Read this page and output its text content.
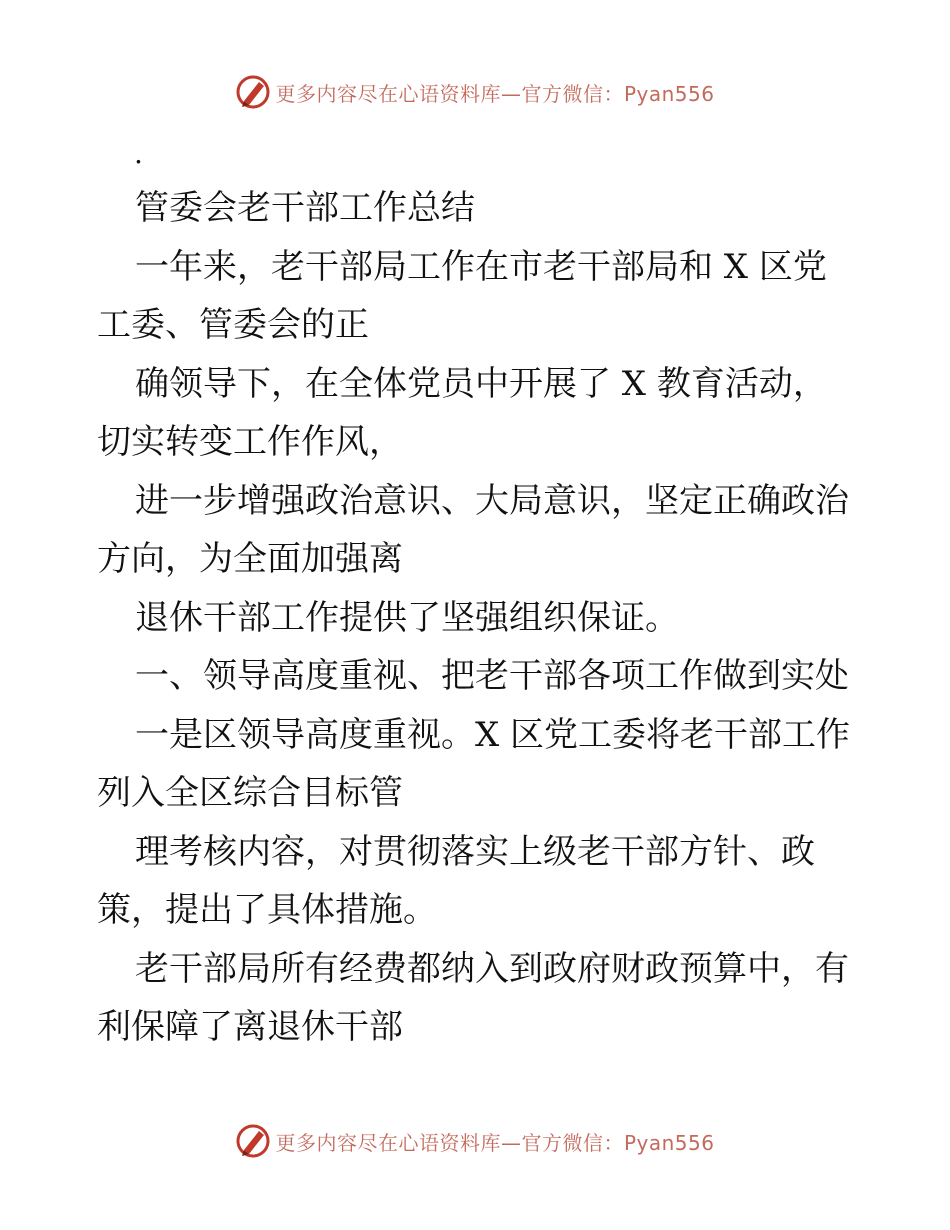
更多内容尽在心语资料库—官方微信：Pyan556
.
管委会老干部工作总结
一年来，老干部局工作在市老干部局和 X 区党
工委、管委会的正
确领导下，在全体党员中开展了 X 教育活动，
切实转变工作作风，
进一步增强政治意识、大局意识，坚定正确政治
方向，为全面加强离
退休干部工作提供了坚强组织保证。
一、领导高度重视、把老干部各项工作做到实处
一是区领导高度重视。X 区党工委将老干部工作
列入全区综合目标管
理考核内容，对贯彻落实上级老干部方针、政
策，提出了具体措施。
老干部局所有经费都纳入到政府财政预算中，有
利保障了离退休干部
更多内容尽在心语资料库—官方微信：Pyan556
